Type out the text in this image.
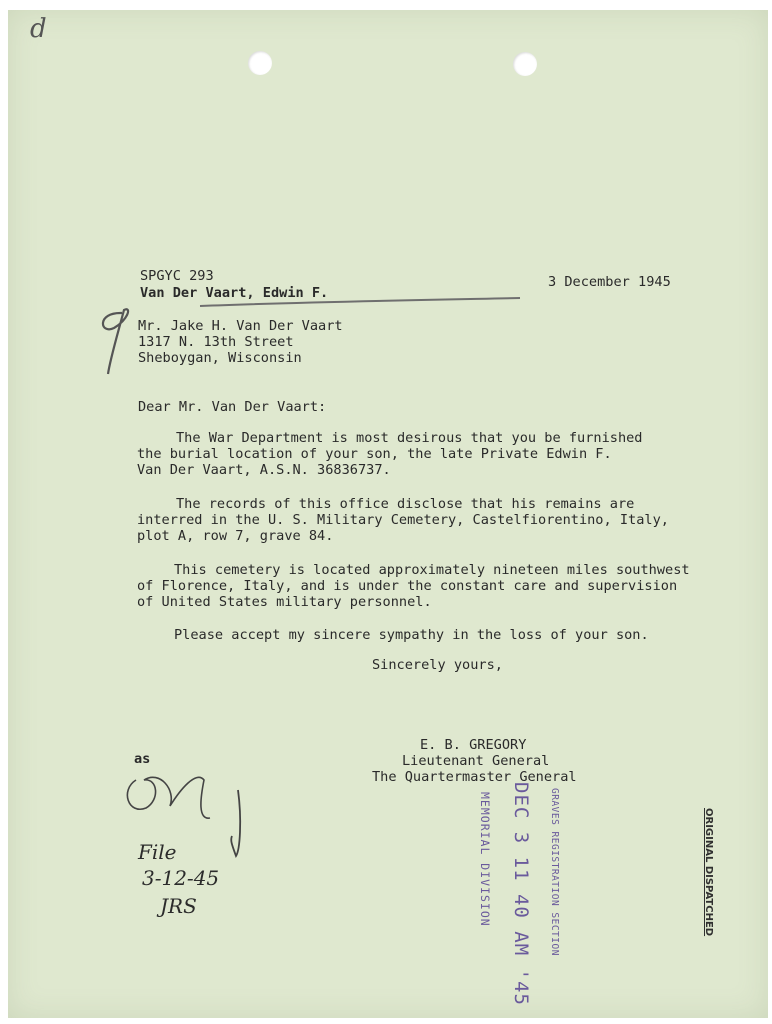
d
SPGYC 293
Van Der Vaart, Edwin F.
3 December 1945
Mr. Jake H. Van Der Vaart
1317 N. 13th Street
Sheboygan, Wisconsin
Dear Mr. Van Der Vaart:
The War Department is most desirous that you be furnished
the burial location of your son, the late Private Edwin F.
Van Der Vaart, A.S.N. 36836737.
The records of this office disclose that his remains are
interred in the U. S. Military Cemetery, Castelfiorentino, Italy,
plot A, row 7, grave 84.
This cemetery is located approximately nineteen miles southwest
of Florence, Italy, and is under the constant care and supervision
of United States military personnel.
Please accept my sincere sympathy in the loss of your son.
Sincerely yours,
E. B. GREGORY
Lieutenant General
The Quartermaster General
as
File
3-12-45
JRS	GRAVES REGISTRATION SECTION
DEC 3 11 40 AM '45
MEMORIAL DIVISION	ORIGINAL DISPATCHED
